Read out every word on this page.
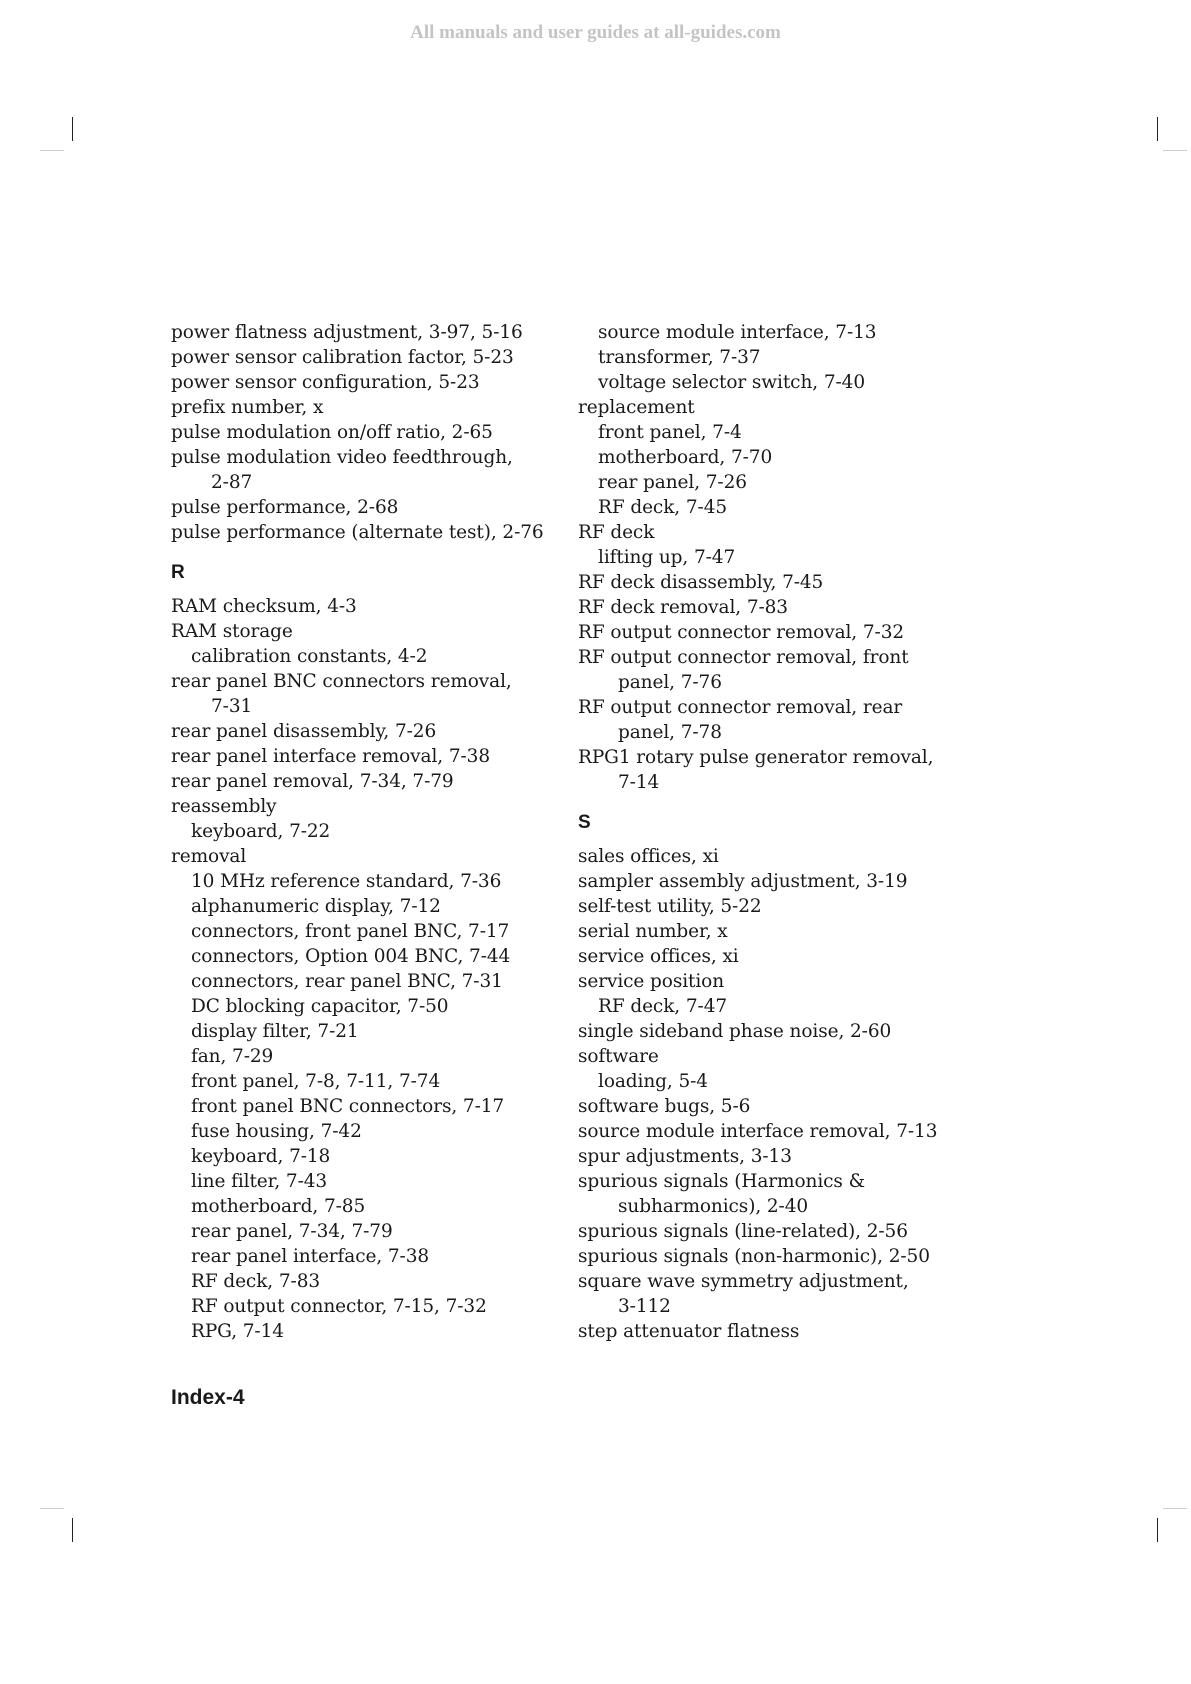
All manuals and user guides at all-guides.com
power flatness adjustment, 3-97, 5-16
power sensor calibration factor, 5-23
power sensor configuration, 5-23
prefix number, x
pulse modulation on/off ratio, 2-65
pulse modulation video feedthrough,
2-87
pulse performance, 2-68
pulse performance (alternate test), 2-76
R
RAM checksum, 4-3
RAM storage
calibration constants, 4-2
rear panel BNC connectors removal,
7-31
rear panel disassembly, 7-26
rear panel interface removal, 7-38
rear panel removal, 7-34, 7-79
reassembly
keyboard, 7-22
removal
10 MHz reference standard, 7-36
alphanumeric display, 7-12
connectors, front panel BNC, 7-17
connectors, Option 004 BNC, 7-44
connectors, rear panel BNC, 7-31
DC blocking capacitor, 7-50
display filter, 7-21
fan, 7-29
front panel, 7-8, 7-11, 7-74
front panel BNC connectors, 7-17
fuse housing, 7-42
keyboard, 7-18
line filter, 7-43
motherboard, 7-85
rear panel, 7-34, 7-79
rear panel interface, 7-38
RF deck, 7-83
RF output connector, 7-15, 7-32
RPG, 7-14
source module interface, 7-13
transformer, 7-37
voltage selector switch, 7-40
replacement
front panel, 7-4
motherboard, 7-70
rear panel, 7-26
RF deck, 7-45
RF deck
lifting up, 7-47
RF deck disassembly, 7-45
RF deck removal, 7-83
RF output connector removal, 7-32
RF output connector removal, front
panel, 7-76
RF output connector removal, rear
panel, 7-78
RPG1 rotary pulse generator removal,
7-14
S
sales offices, xi
sampler assembly adjustment, 3-19
self-test utility, 5-22
serial number, x
service offices, xi
service position
RF deck, 7-47
single sideband phase noise, 2-60
software
loading, 5-4
software bugs, 5-6
source module interface removal, 7-13
spur adjustments, 3-13
spurious signals (Harmonics &
subharmonics), 2-40
spurious signals (line-related), 2-56
spurious signals (non-harmonic), 2-50
square wave symmetry adjustment,
3-112
step attenuator flatness
Index-4
